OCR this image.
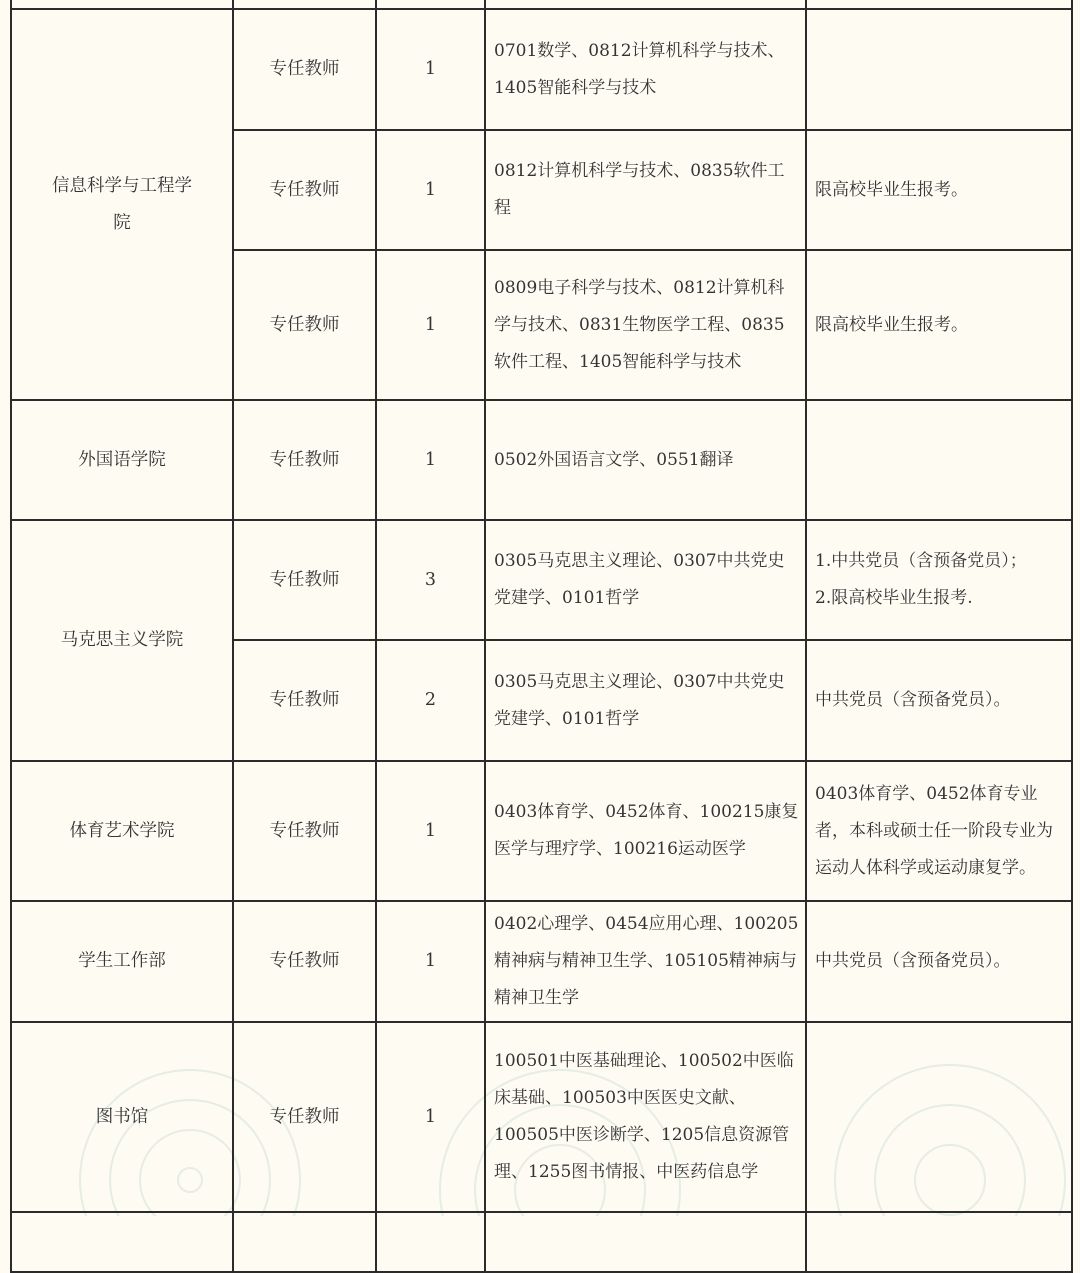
信息科学与工程学院	专任教师	1	0701数学、0812计算机科学与技术、1405智能科学与技术	
	专任教师	1	0812计算机科学与技术、0835软件工程	限高校毕业生报考。
	专任教师	1	0809电子科学与技术、0812计算机科学与技术、0831生物医学工程、0835软件工程、1405智能科学与技术	限高校毕业生报考。
外国语学院	专任教师	1	0502外国语言文学、0551翻译	
马克思主义学院	专任教师	3	0305马克思主义理论、0307中共党史党建学、0101哲学	1.中共党员（含预备党员）；
2.限高校毕业生报考.

	专任教师	2	0305马克思主义理论、0307中共党史党建学、0101哲学	中共党员（含预备党员）。
体育艺术学院	专任教师	1	0403体育学、0452体育、100215康复医学与理疗学、100216运动医学	0403体育学、0452体育专业者，本科或硕士任一阶段专业为运动人体科学或运动康复学。
学生工作部	专任教师	1	0402心理学、0454应用心理、100205精神病与精神卫生学、105105精神病与精神卫生学	中共党员（含预备党员）。
图书馆	专任教师	1	100501中医基础理论、100502中医临床基础、100503中医医史文献、100505中医诊断学、1205信息资源管理、1255图书情报、中医药信息学	
